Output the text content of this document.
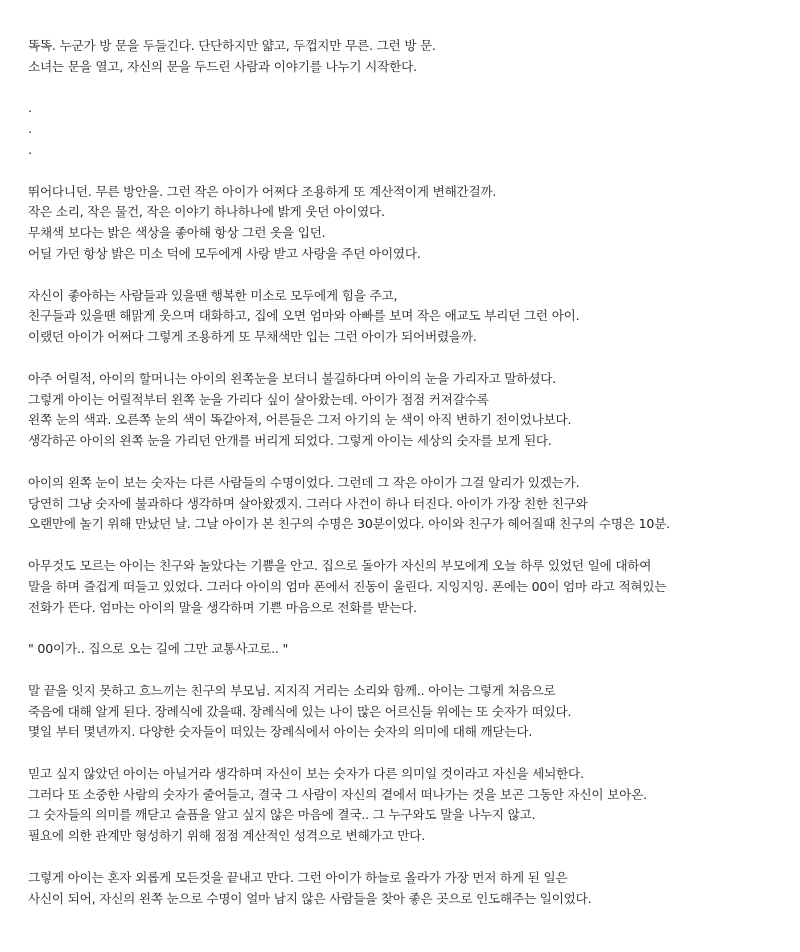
똑똑. 누군가 방 문을 두들긴다. 단단하지만 얇고, 두껍지만 무른. 그런 방 문.
소녀는 문을 열고, 자신의 문을 두드린 사람과 이야기를 나누기 시작한다.

.
.
.

뛰어다니던. 무른 방안을. 그런 작은 아이가 어쩌다 조용하게 또 계산적이게 변해간걸까.
작은 소리, 작은 물건, 작은 이야기 하나하나에 밝게 웃던 아이였다.
무채색 보다는 밝은 색상을 좋아해 항상 그런 옷을 입던.
어딜 가던 항상 밝은 미소 덕에 모두에게 사랑 받고 사랑을 주던 아이였다.

자신이 좋아하는 사람들과 있을땐 행복한 미소로 모두에게 힘을 주고,
친구들과 있을땐 해맑게 웃으며 대화하고, 집에 오면 엄마와 아빠를 보며 작은 애교도 부리던 그런 아이.
이랬던 아이가 어쩌다 그렇게 조용하게 또 무채색만 입는 그런 아이가 되어버렸을까.

아주 어릴적, 아이의 할머니는 아이의 왼쪽눈을 보더니 불길하다며 아이의 눈을 가리자고 말하셨다.
그렇게 아이는 어릴적부터 왼쪽 눈을 가리다 싶이 살아왔는데. 아이가 점점 커져갈수록
왼쪽 눈의 색과. 오른쪽 눈의 색이 똑같아져, 어른들은 그저 아기의 눈 색이 아직 변하기 전이었나보다.
생각하곤 아이의 왼쪽 눈을 가리던 안개를 버리게 되었다. 그렇게 아이는 세상의 숫자를 보게 된다.

아이의 왼쪽 눈이 보는 숫자는 다른 사람들의 수명이었다. 그런데 그 작은 아이가 그걸 알리가 있겠는가.
당연히 그냥 숫자에 불과하다 생각하며 살아왔겠지. 그러다 사건이 하나 터진다. 아이가 가장 친한 친구와
오랜만에 놀기 위해 만났던 날. 그날 아이가 본 친구의 수명은 30분이었다. 아이와 친구가 헤어질때 친구의 수명은 10분.

아무것도 모르는 아이는 친구와 놀았다는 기쁨을 안고. 집으로 돌아가 자신의 부모에게 오늘 하루 있었던 일에 대하여
말을 하며 즐겁게 떠들고 있었다. 그러다 아이의 엄마 폰에서 진동이 울린다. 지잉지잉. 폰에는 00이 엄마 라고 적혀있는
전화가 뜬다. 엄마는 아이의 말을 생각하며 기쁜 마음으로 전화를 받는다.

" 00이가.. 집으로 오는 길에 그만 교통사고로.. "

말 끝을 잇지 못하고 흐느끼는 친구의 부모님. 지지직 거리는 소리와 함께.. 아이는 그렇게 처음으로
죽음에 대해 알게 된다. 장례식에 갔을때. 장례식에 있는 나이 많은 어르신들 위에는 또 숫자가 떠있다.
몇일 부터 몇년까지. 다양한 숫자들이 떠있는 장례식에서 아이는 숫자의 의미에 대해 깨닫는다.

믿고 싶지 않았던 아이는 아닐거라 생각하며 자신이 보는 숫자가 다른 의미일 것이라고 자신을 세뇌한다.
그러다 또 소중한 사람의 숫자가 줄어들고, 결국 그 사람이 자신의 곁에서 떠나가는 것을 보곤 그동안 자신이 보아온.
그 숫자들의 의미를 깨닫고 슬픔을 알고 싶지 않은 마음에 결국.. 그 누구와도 말을 나누지 않고.
필요에 의한 관계만 형성하기 위해 점점 계산적인 성격으로 변해가고 만다.

그렇게 아이는 혼자 외롭게 모든것을 끝내고 만다. 그런 아이가 하늘로 올라가 가장 먼저 하게 된 일은
사신이 되어, 자신의 왼쪽 눈으로 수명이 얼마 남지 않은 사람들을 찾아 좋은 곳으로 인도해주는 일이었다.
